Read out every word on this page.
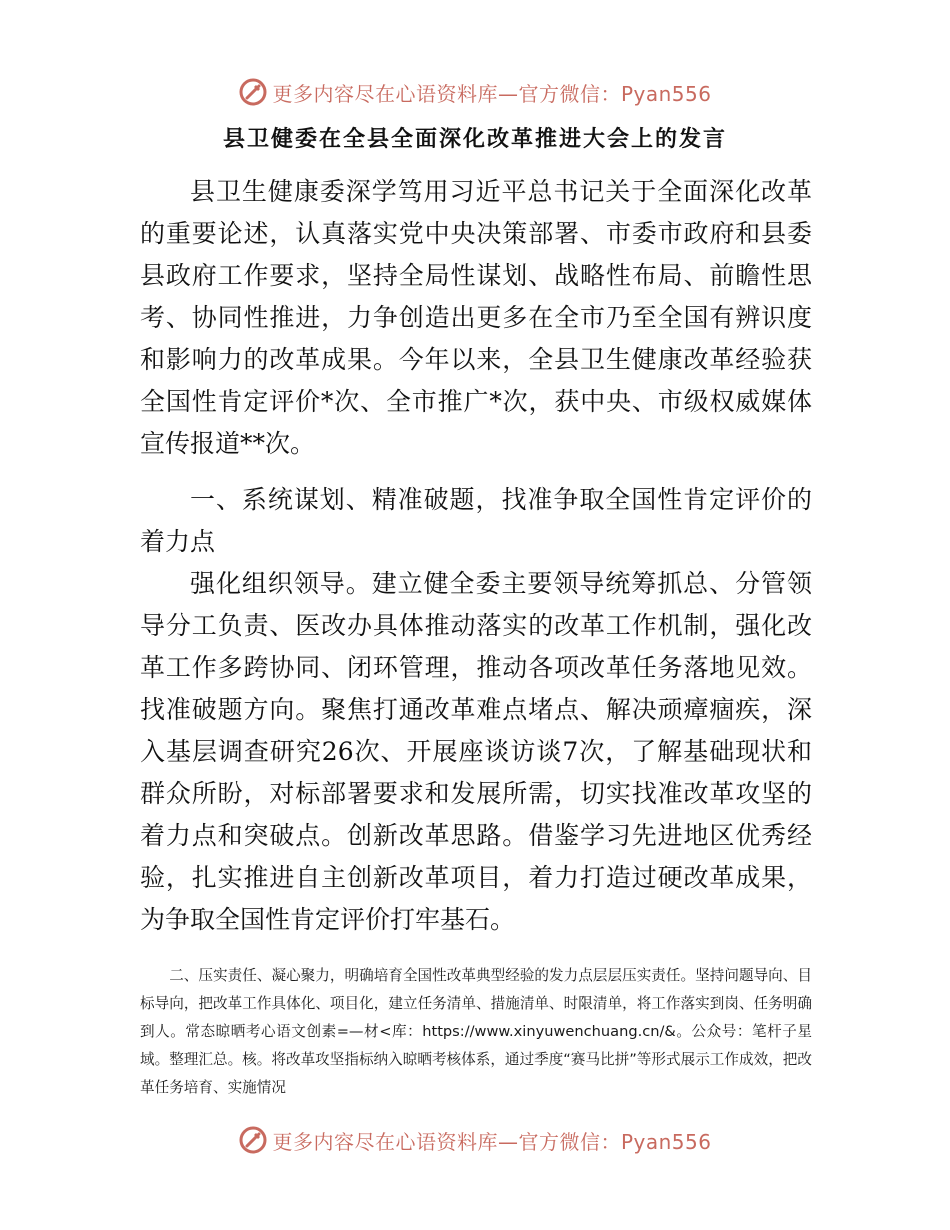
更多内容尽在心语资料库—官方微信：Pyan556
县卫健委在全县全面深化改革推进大会上的发言

县卫生健康委深学笃用习近平总书记关于全面深化改革的重要论述，认真落实党中央决策部署、市委市政府和县委县政府工作要求，坚持全局性谋划、战略性布局、前瞻性思考、协同性推进，力争创造出更多在全市乃至全国有辨识度和影响力的改革成果。今年以来，全县卫生健康改革经验获全国性肯定评价*次、全市推广*次，获中央、市级权威媒体宣传报道**次。

一、系统谋划、精准破题，找准争取全国性肯定评价的着力点

强化组织领导。建立健全委主要领导统筹抓总、分管领导分工负责、医改办具体推动落实的改革工作机制，强化改革工作多跨协同、闭环管理，推动各项改革任务落地见效。找准破题方向。聚焦打通改革难点堵点、解决顽瘴痼疾，深入基层调查研究26次、开展座谈访谈7次，了解基础现状和群众所盼，对标部署要求和发展所需，切实找准改革攻坚的着力点和突破点。创新改革思路。借鉴学习先进地区优秀经验，扎实推进自主创新改革项目，着力打造过硬改革成果，为争取全国性肯定评价打牢基石。

二、压实责任、凝心聚力，明确培育全国性改革典型经验的发力点层层压实责任。坚持问题导向、目标导向，把改革工作具体化、项目化，建立任务清单、措施清单、时限清单，将工作落实到岗、任务明确到人。常态晾晒考心语文创素=—材<库：https://www.xinyuwenchuang.cn/&。公众号：笔杆子星域。整理汇总。核。将改革攻坚指标纳入晾晒考核体系，通过季度“赛马比拼”等形式展示工作成效，把改革任务培育、实施情况

更多内容尽在心语资料库—官方微信：Pyan556
